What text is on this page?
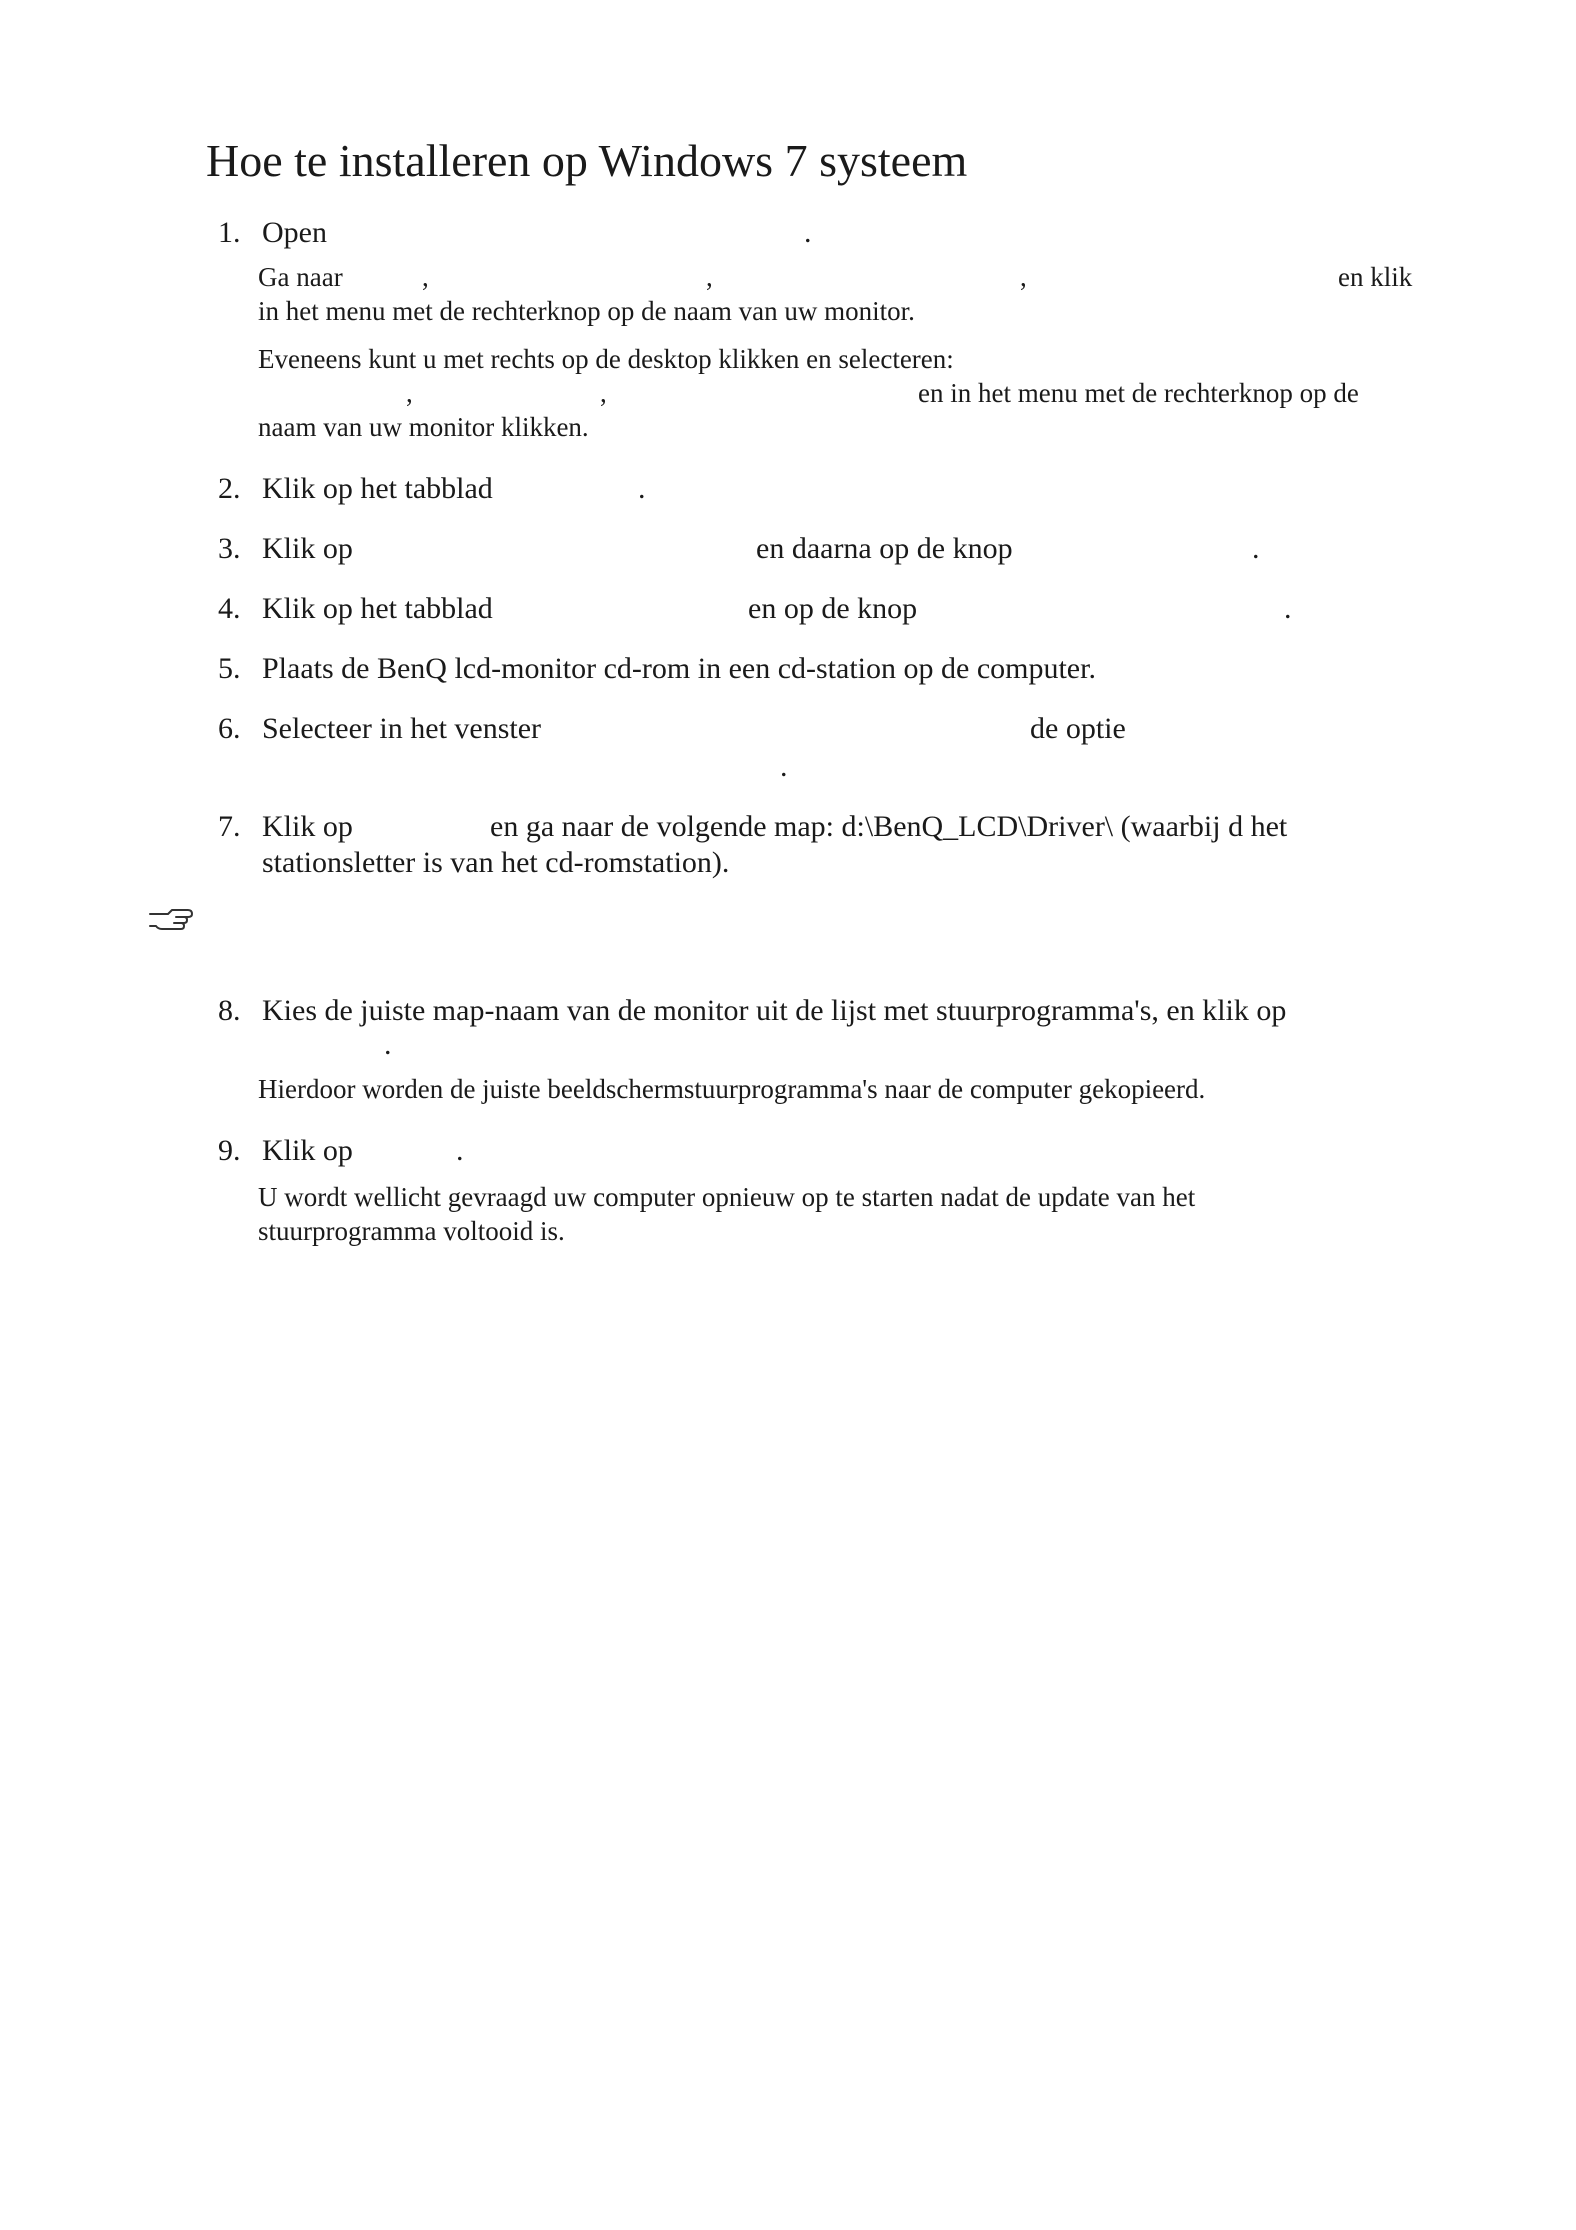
Hoe te installeren op Windows 7 systeem
1. Open	.
Ga naar	,	,	,	en klik
in het menu met de rechterknop op de naam van uw monitor.
Eveneens kunt u met rechts op de desktop klikken en selecteren:
,	,	en in het menu met de rechterknop op de
naam van uw monitor klikken.
2. Klik op het tabblad	.
3. Klik op	en daarna op de knop	.
4. Klik op het tabblad	en op de knop	.
5. Plaats de BenQ lcd-monitor cd-rom in een cd-station op de computer.
6. Selecteer in het venster	de optie
.
7. Klik op	en ga naar de volgende map: d:\BenQ_LCD\Driver\ (waarbij d het
stationsletter is van het cd-romstation).
8. Kies de juiste map-naam van de monitor uit de lijst met stuurprogramma's, en klik op
.
Hierdoor worden de juiste beeldschermstuurprogramma's naar de computer gekopieerd.
9. Klik op	.
U wordt wellicht gevraagd uw computer opnieuw op te starten nadat de update van het
stuurprogramma voltooid is.
